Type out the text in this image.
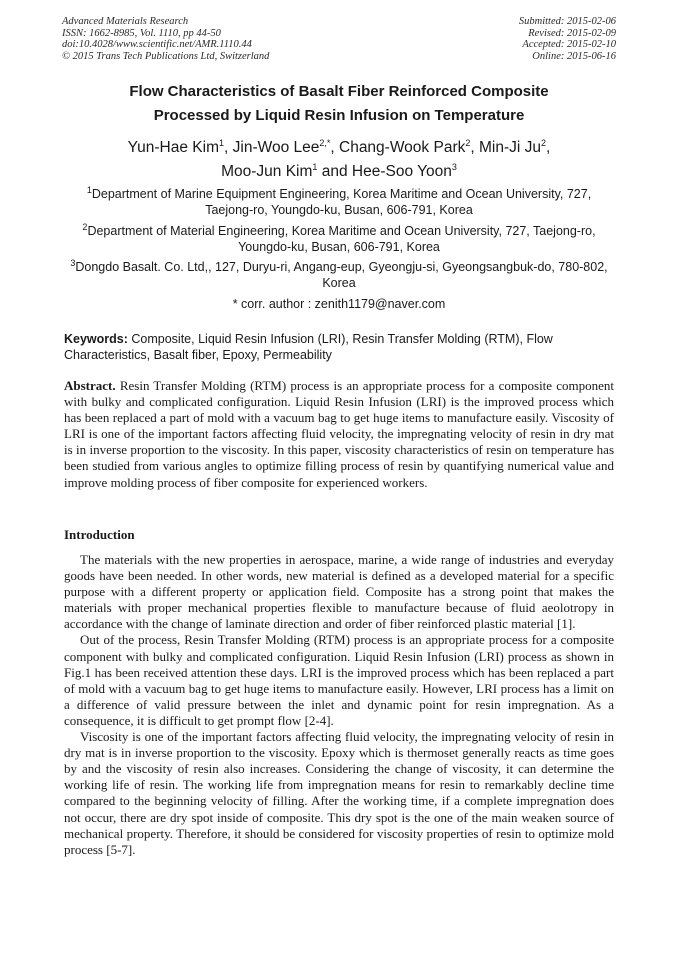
Advanced Materials Research
ISSN: 1662-8985, Vol. 1110, pp 44-50
doi:10.4028/www.scientific.net/AMR.1110.44
© 2015 Trans Tech Publications Ltd, Switzerland
Submitted: 2015-02-06
Revised: 2015-02-09
Accepted: 2015-02-10
Online: 2015-06-16
Flow Characteristics of Basalt Fiber Reinforced Composite
Processed by Liquid Resin Infusion on Temperature
Yun-Hae Kim$^1$, Jin-Woo Lee$^{2,*}$, Chang-Wook Park$^2$, Min-Ji Ju$^2$,
Moo-Jun Kim$^1$ and Hee-Soo Yoon$^3$
$^1$Department of Marine Equipment Engineering, Korea Maritime and Ocean University, 727,
Taejong-ro, Youngdo-ku, Busan, 606-791, Korea
$^2$Department of Material Engineering, Korea Maritime and Ocean University, 727, Taejong-ro,
Youngdo-ku, Busan, 606-791, Korea
$^3$Dongdo Basalt. Co. Ltd,, 127, Duryu-ri, Angang-eup, Gyeongju-si, Gyeongsangbuk-do, 780-802,
Korea
* corr. author : zenith1179@naver.com
Keywords: Composite, Liquid Resin Infusion (LRI), Resin Transfer Molding (RTM), Flow Characteristics, Basalt fiber, Epoxy, Permeability

Abstract. Resin Transfer Molding (RTM) process is an appropriate process for a composite component with bulky and complicated configuration. Liquid Resin Infusion (LRI) is the improved process which has been replaced a part of mold with a vacuum bag to get huge items to manufacture easily. Viscosity of LRI is one of the important factors affecting fluid velocity, the impregnating velocity of resin in dry mat is in inverse proportion to the viscosity. In this paper, viscosity characteristics of resin on temperature has been studied from various angles to optimize filling process of resin by quantifying numerical value and improve molding process of fiber composite for experienced workers.

Introduction

The materials with the new properties in aerospace, marine, a wide range of industries and everyday goods have been needed. In other words, new material is defined as a developed material for a specific purpose with a different property or application field. Composite has a strong point that makes the materials with proper mechanical properties flexible to manufacture because of fluid aeolotropy in accordance with the change of laminate direction and order of fiber reinforced plastic material [1].

Out of the process, Resin Transfer Molding (RTM) process is an appropriate process for a composite component with bulky and complicated configuration. Liquid Resin Infusion (LRI) process as shown in Fig.1 has been received attention these days. LRI is the improved process which has been replaced a part of mold with a vacuum bag to get huge items to manufacture easily. However, LRI process has a limit on a difference of valid pressure between the inlet and dynamic point for resin impregnation. As a consequence, it is difficult to get prompt flow [2-4].

Viscosity is one of the important factors affecting fluid velocity, the impregnating velocity of resin in dry mat is in inverse proportion to the viscosity. Epoxy which is thermoset generally reacts as time goes by and the viscosity of resin also increases. Considering the change of viscosity, it can determine the working life of resin. The working life from impregnation means for resin to remarkably decline time compared to the beginning velocity of filling. After the working time, if a complete impregnation does not occur, there are dry spot inside of composite. This dry spot is the one of the main weaken source of mechanical property. Therefore, it should be considered for viscosity properties of resin to optimize mold process [5-7].
